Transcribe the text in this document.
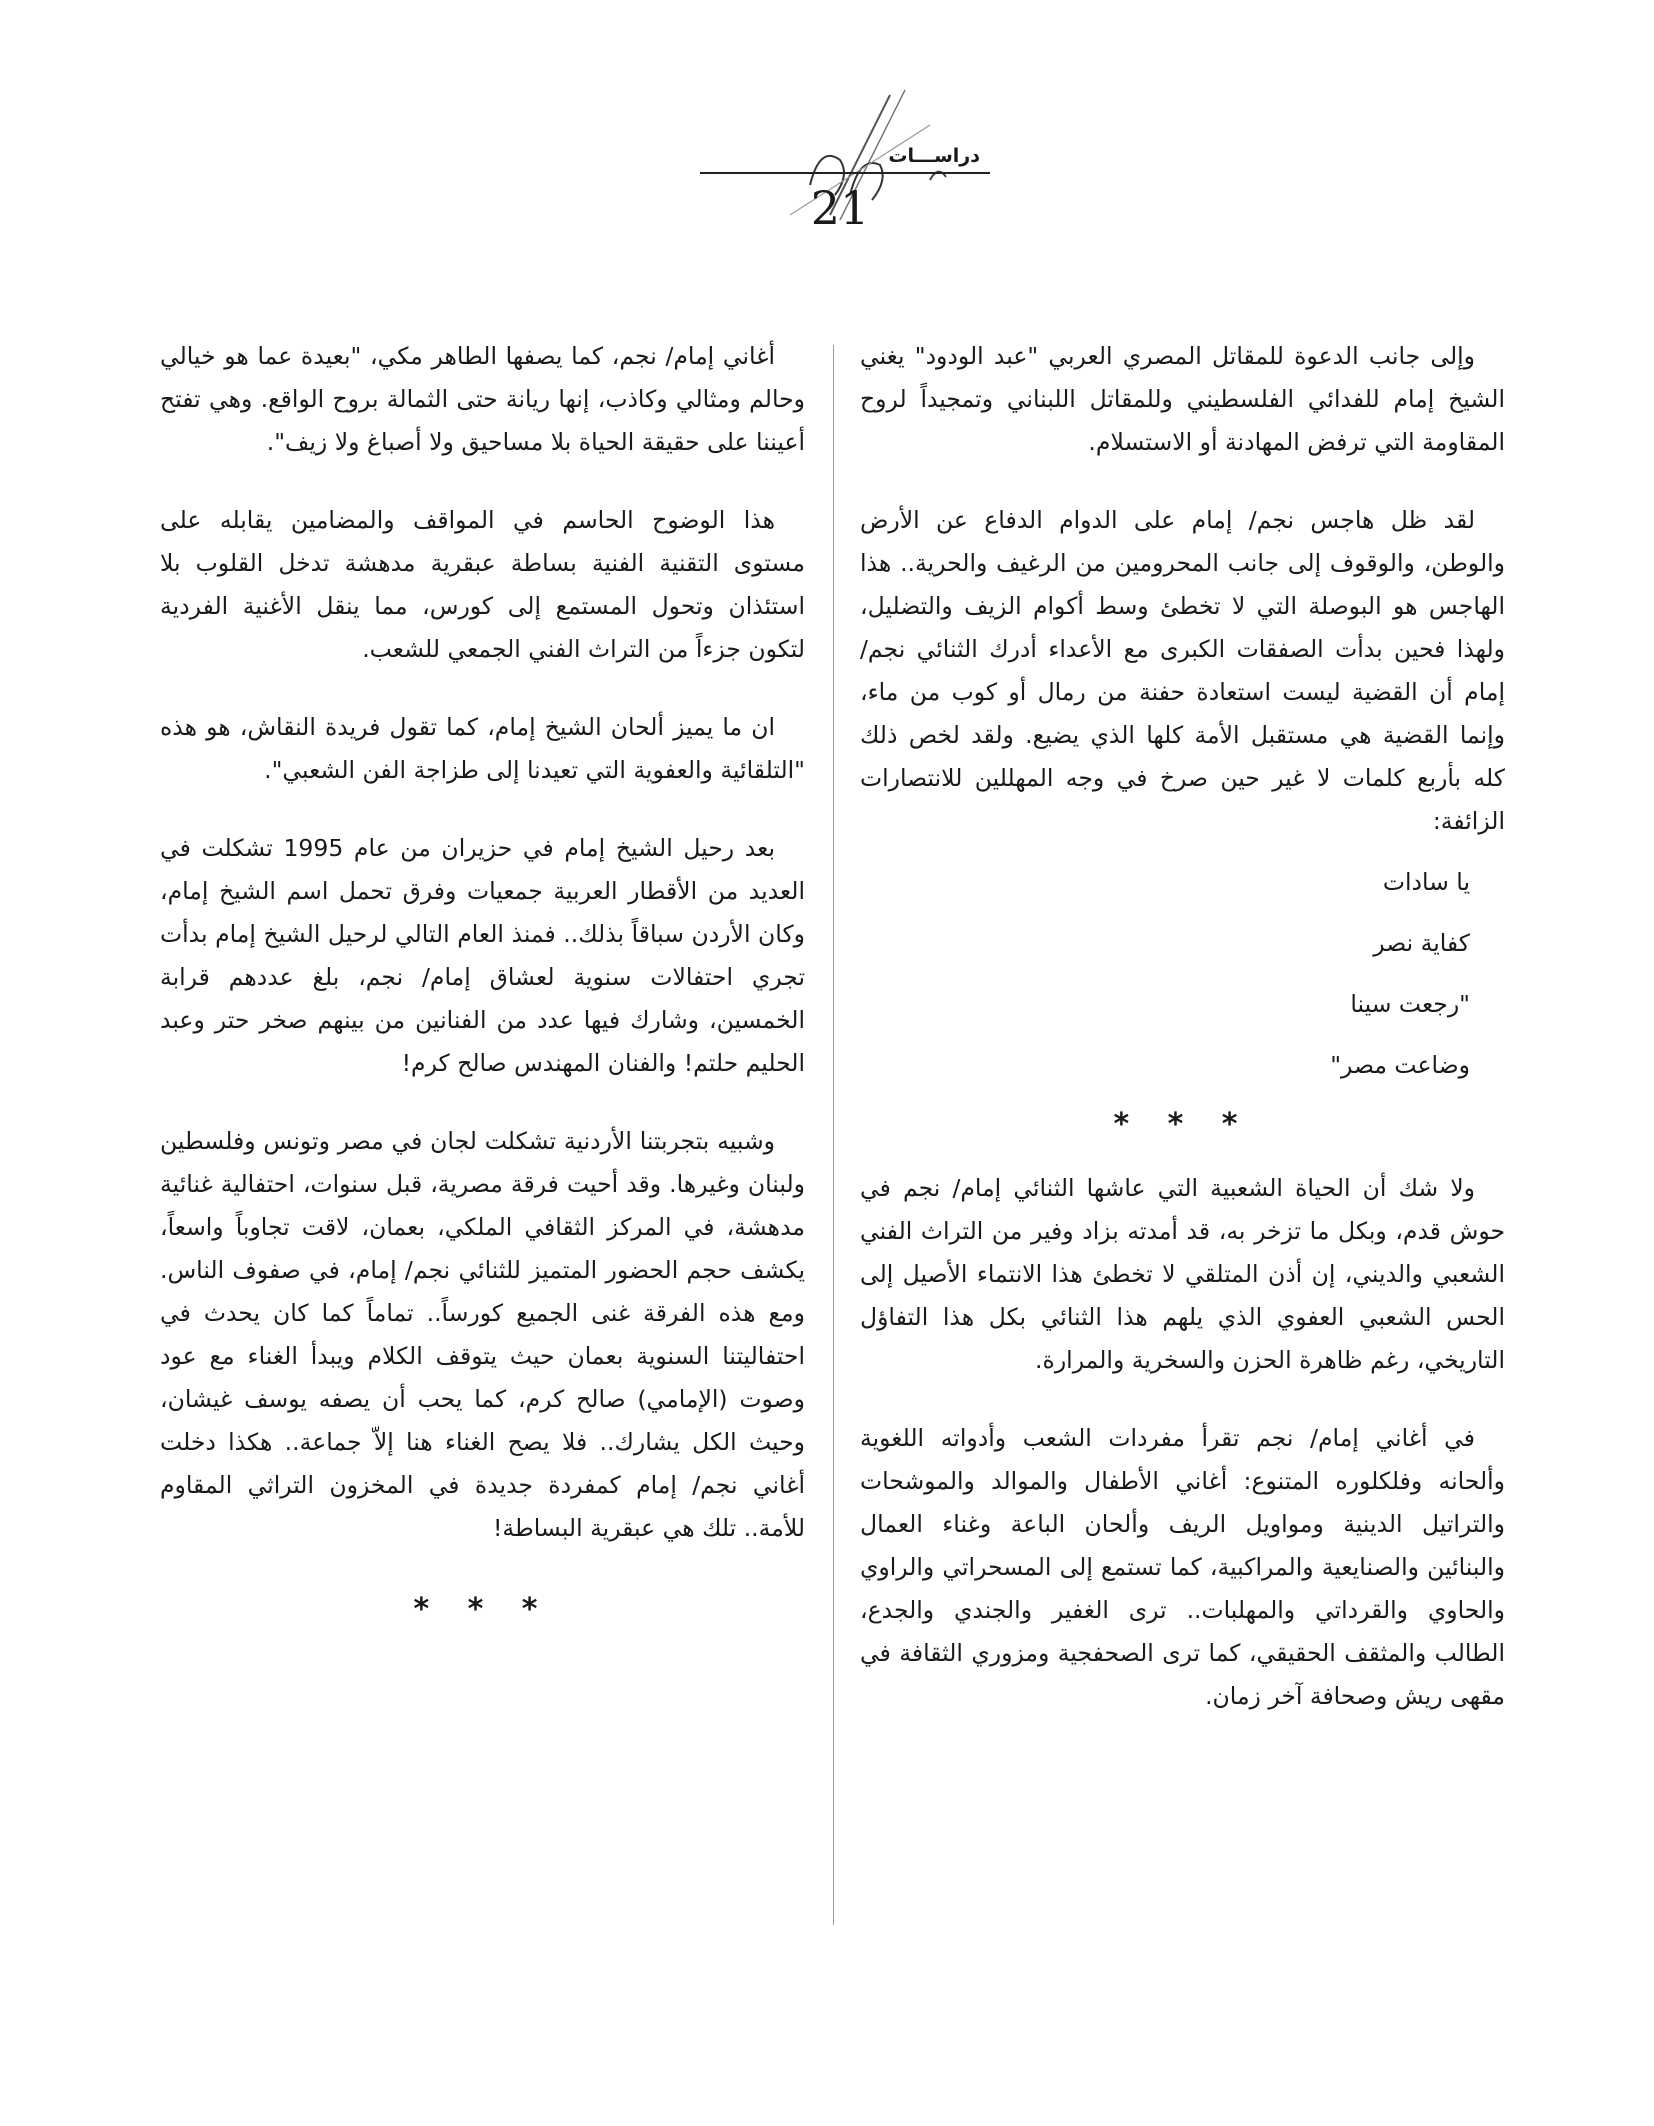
دراســـات
21

وإلى جانب الدعوة للمقاتل المصري العربي "عبد الودود" يغني الشيخ إمام للفدائي الفلسطيني وللمقاتل اللبناني وتمجيداً لروح المقاومة التي ترفض المهادنة أو الاستسلام.

لقد ظل هاجس نجم/ إمام على الدوام الدفاع عن الأرض والوطن، والوقوف إلى جانب المحرومين من الرغيف والحرية.. هذا الهاجس هو البوصلة التي لا تخطئ وسط أكوام الزيف والتضليل، ولهذا فحين بدأت الصفقات الكبرى مع الأعداء أدرك الثنائي نجم/ إمام أن القضية ليست استعادة حفنة من رمال أو كوب من ماء، وإنما القضية هي مستقبل الأمة كلها الذي يضيع. ولقد لخص ذلك كله بأربع كلمات لا غير حين صرخ في وجه المهللين للانتصارات الزائفة:

يا سادات
كفاية نصر
"رجعت سينا
وضاعت مصر"
* * *

ولا شك أن الحياة الشعبية التي عاشها الثنائي إمام/ نجم في حوش قدم، وبكل ما تزخر به، قد أمدته بزاد وفير من التراث الفني الشعبي والديني، إن أذن المتلقي لا تخطئ هذا الانتماء الأصيل إلى الحس الشعبي العفوي الذي يلهم هذا الثنائي بكل هذا التفاؤل التاريخي، رغم ظاهرة الحزن والسخرية والمرارة.

في أغاني إمام/ نجم تقرأ مفردات الشعب وأدواته اللغوية وألحانه وفلكلوره المتنوع: أغاني الأطفال والموالد والموشحات والتراتيل الدينية ومواويل الريف وألحان الباعة وغناء العمال والبنائين والصنايعية والمراكبية، كما تستمع إلى المسحراتي والراوي والحاوي والقرداتي والمهلبات.. ترى الغفير والجندي والجدع، الطالب والمثقف الحقيقي، كما ترى الصحفجية ومزوري الثقافة في مقهى ريش وصحافة آخر زمان.

أغاني إمام/ نجم، كما يصفها الطاهر مكي، "بعيدة عما هو خيالي وحالم ومثالي وكاذب، إنها ريانة حتى الثمالة بروح الواقع. وهي تفتح أعيننا على حقيقة الحياة بلا مساحيق ولا أصباغ ولا زيف".

هذا الوضوح الحاسم في المواقف والمضامين يقابله على مستوى التقنية الفنية بساطة عبقرية مدهشة تدخل القلوب بلا استئذان وتحول المستمع إلى كورس، مما ينقل الأغنية الفردية لتكون جزءاً من التراث الفني الجمعي للشعب.

ان ما يميز ألحان الشيخ إمام، كما تقول فريدة النقاش، هو هذه "التلقائية والعفوية التي تعيدنا إلى طزاجة الفن الشعبي".

بعد رحيل الشيخ إمام في حزيران من عام 1995 تشكلت في العديد من الأقطار العربية جمعيات وفرق تحمل اسم الشيخ إمام، وكان الأردن سباقاً بذلك.. فمنذ العام التالي لرحيل الشيخ إمام بدأت تجري احتفالات سنوية لعشاق إمام/ نجم، بلغ عددهم قرابة الخمسين، وشارك فيها عدد من الفنانين من بينهم صخر حتر وعبد الحليم حلتم! والفنان المهندس صالح كرم!

وشبيه بتجربتنا الأردنية تشكلت لجان في مصر وتونس وفلسطين ولبنان وغيرها. وقد أحيت فرقة مصرية، قبل سنوات، احتفالية غنائية مدهشة، في المركز الثقافي الملكي، بعمان، لاقت تجاوباً واسعاً، يكشف حجم الحضور المتميز للثنائي نجم/ إمام، في صفوف الناس. ومع هذه الفرقة غنى الجميع كورساً.. تماماً كما كان يحدث في احتفاليتنا السنوية بعمان حيث يتوقف الكلام ويبدأ الغناء مع عود وصوت (الإمامي) صالح كرم، كما يحب أن يصفه يوسف غيشان، وحيث الكل يشارك.. فلا يصح الغناء هنا إلاّ جماعة.. هكذا دخلت أغاني نجم/ إمام كمفردة جديدة في المخزون التراثي المقاوم للأمة.. تلك هي عبقرية البساطة!

* * *
